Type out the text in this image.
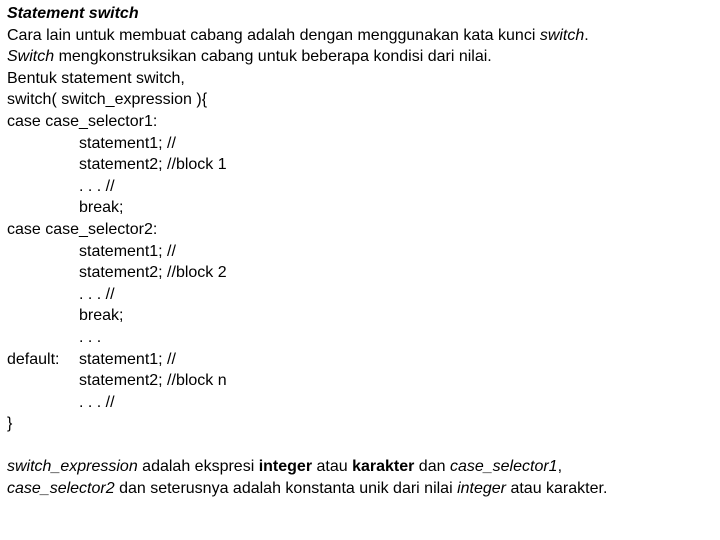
Statement switch
Cara lain untuk membuat cabang adalah dengan menggunakan kata kunci switch.
Switch mengkonstruksikan cabang untuk beberapa kondisi dari nilai.
Bentuk statement switch,
switch( switch_expression ){
case case_selector1:
statement1; //
statement2; //block 1
. . . //
break;
case case_selector2:
statement1; //
statement2; //block 2
. . . //
break;
. . .
default: statement1; //
statement2; //block n
. . . //
}
switch_expression adalah ekspresi integer atau karakter dan case_selector1,
case_selector2 dan seterusnya adalah konstanta unik dari nilai integer atau karakter.
